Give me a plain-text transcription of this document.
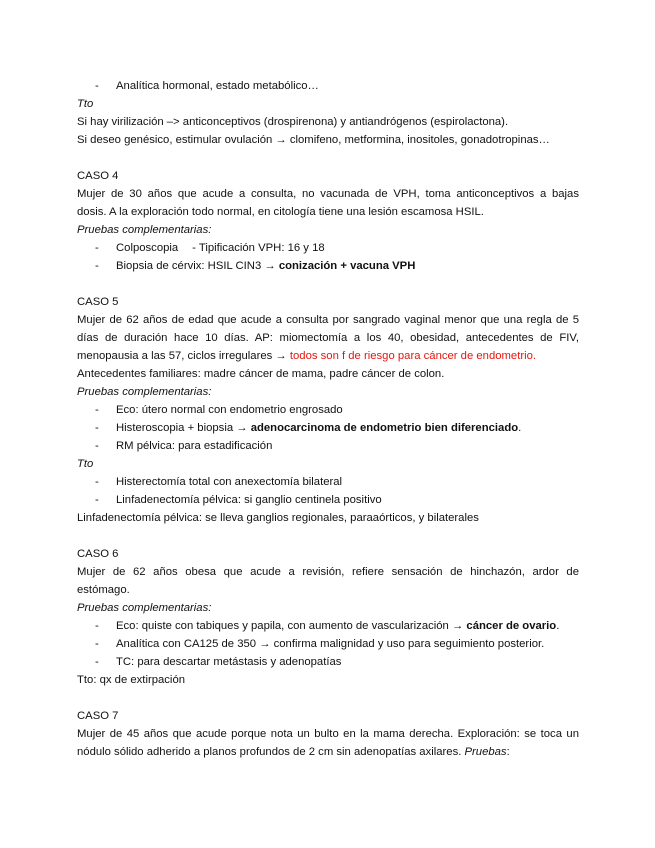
- Analítica hormonal, estado metabólico…
Tto
Si hay virilización –> anticonceptivos (drospirenona) y antiandrógenos (espirolactona).
Si deseo genésico, estimular ovulación → clomifeno, metformina, inositoles, gonadotropinas…
CASO 4
Mujer de 30 años que acude a consulta, no vacunada de VPH, toma anticonceptivos a bajas
dosis. A la exploración todo normal, en citología tiene una lesión escamosa HSIL.
Pruebas complementarias:
- Colposcopia - Tipificación VPH: 16 y 18
- Biopsia de cérvix: HSIL CIN3 → conización + vacuna VPH
CASO 5
Mujer de 62 años de edad que acude a consulta por sangrado vaginal menor que una regla de 5
días de duración hace 10 días. AP: miomectomía a los 40, obesidad, antecedentes de FIV,
menopausia a las 57, ciclos irregulares → todos son f de riesgo para cáncer de endometrio.
Antecedentes familiares: madre cáncer de mama, padre cáncer de colon.
Pruebas complementarias:
- Eco: útero normal con endometrio engrosado
- Histeroscopia + biopsia → adenocarcinoma de endometrio bien diferenciado.
- RM pélvica: para estadificación
Tto
- Histerectomía total con anexectomía bilateral
- Linfadenectomía pélvica: si ganglio centinela positivo
Linfadenectomía pélvica: se lleva ganglios regionales, paraaórticos, y bilaterales
CASO 6
Mujer de 62 años obesa que acude a revisión, refiere sensación de hinchazón, ardor de
estómago.
Pruebas complementarias:
- Eco: quiste con tabiques y papila, con aumento de vascularización → cáncer de ovario.
- Analítica con CA125 de 350 → confirma malignidad y uso para seguimiento posterior.
- TC: para descartar metástasis y adenopatías
Tto: qx de extirpación
CASO 7
Mujer de 45 años que acude porque nota un bulto en la mama derecha. Exploración: se toca un
nódulo sólido adherido a planos profundos de 2 cm sin adenopatías axilares. Pruebas:
